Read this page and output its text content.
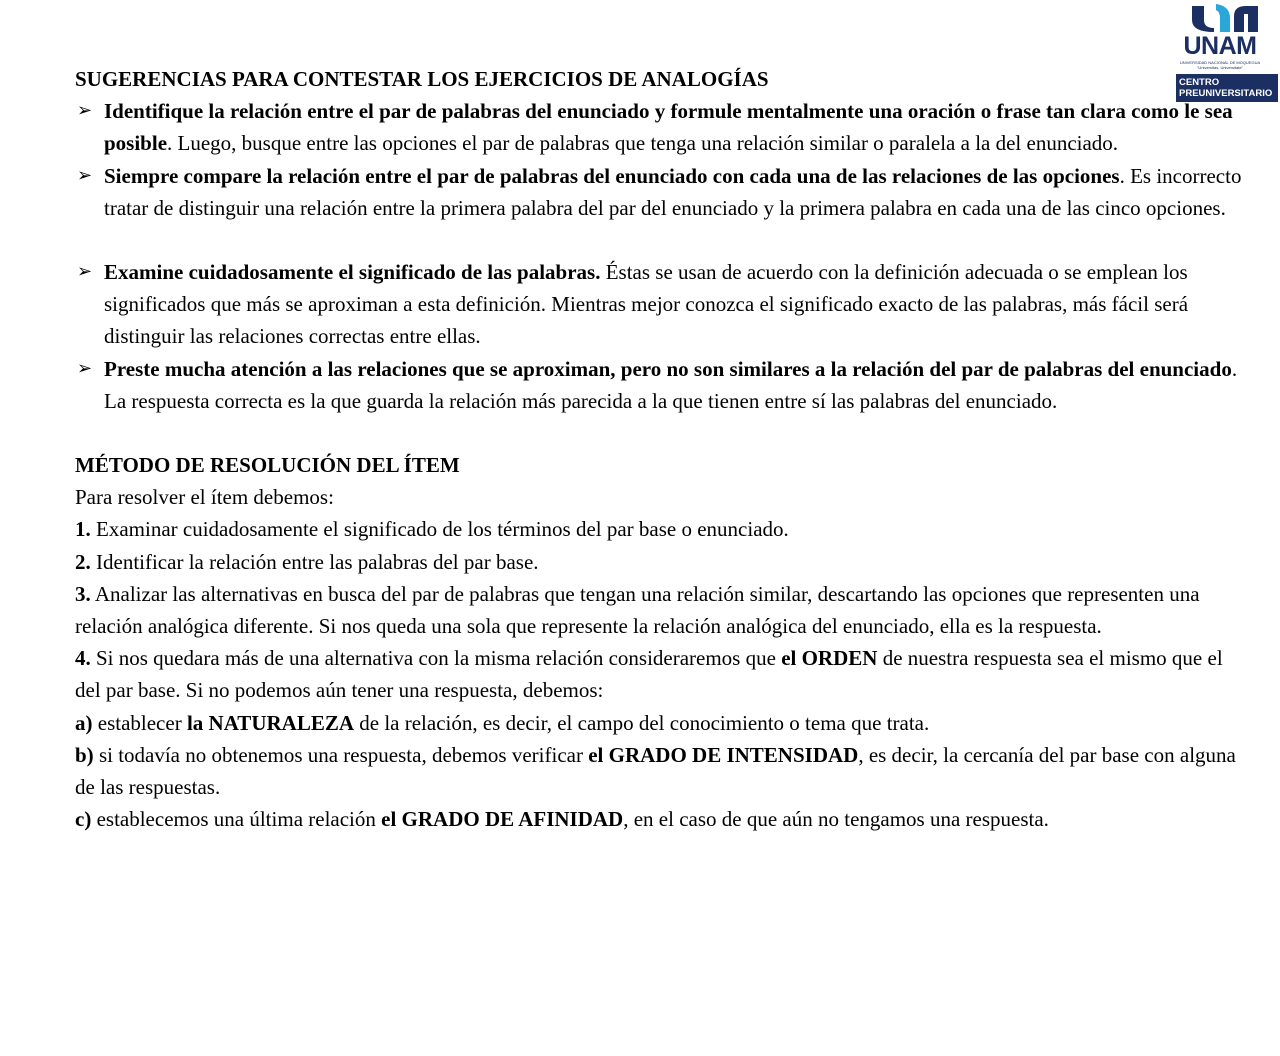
UNAM
UNIVERSIDAD NACIONAL DE MOQUEGUA
"Universitas, Universitate"
CENTRO
PREUNIVERSITARIO

SUGERENCIAS PARA CONTESTAR LOS EJERCICIOS DE ANALOGÍAS

➢ Identifique la relación entre el par de palabras del enunciado y formule mentalmente una oración o frase tan clara como le sea posible. Luego, busque entre las opciones el par de palabras que tenga una relación similar o paralela a la del enunciado.
➢ Siempre compare la relación entre el par de palabras del enunciado con cada una de las relaciones de las opciones. Es incorrecto tratar de distinguir una relación entre la primera palabra del par del enunciado y la primera palabra en cada una de las cinco opciones.
➢ Examine cuidadosamente el significado de las palabras. Éstas se usan de acuerdo con la definición adecuada o se emplean los significados que más se aproximan a esta definición. Mientras mejor conozca el significado exacto de las palabras, más fácil será distinguir las relaciones correctas entre ellas.
➢ Preste mucha atención a las relaciones que se aproximan, pero no son similares a la relación del par de palabras del enunciado. La respuesta correcta es la que guarda la relación más parecida a la que tienen entre sí las palabras del enunciado.

MÉTODO DE RESOLUCIÓN DEL ÍTEM

Para resolver el ítem debemos:

1. Examinar cuidadosamente el significado de los términos del par base o enunciado.

2. Identificar la relación entre las palabras del par base.

3. Analizar las alternativas en busca del par de palabras que tengan una relación similar, descartando las opciones que representen una relación analógica diferente. Si nos queda una sola que represente la relación analógica del enunciado, ella es la respuesta.

4. Si nos quedara más de una alternativa con la misma relación consideraremos que el ORDEN de nuestra respuesta sea el mismo que el del par base. Si no podemos aún tener una respuesta, debemos:

a) establecer la NATURALEZA de la relación, es decir, el campo del conocimiento o tema que trata.

b) si todavía no obtenemos una respuesta, debemos verificar el GRADO DE INTENSIDAD, es decir, la cercanía del par base con alguna de las respuestas.

c) establecemos una última relación el GRADO DE AFINIDAD, en el caso de que aún no tengamos una respuesta.
